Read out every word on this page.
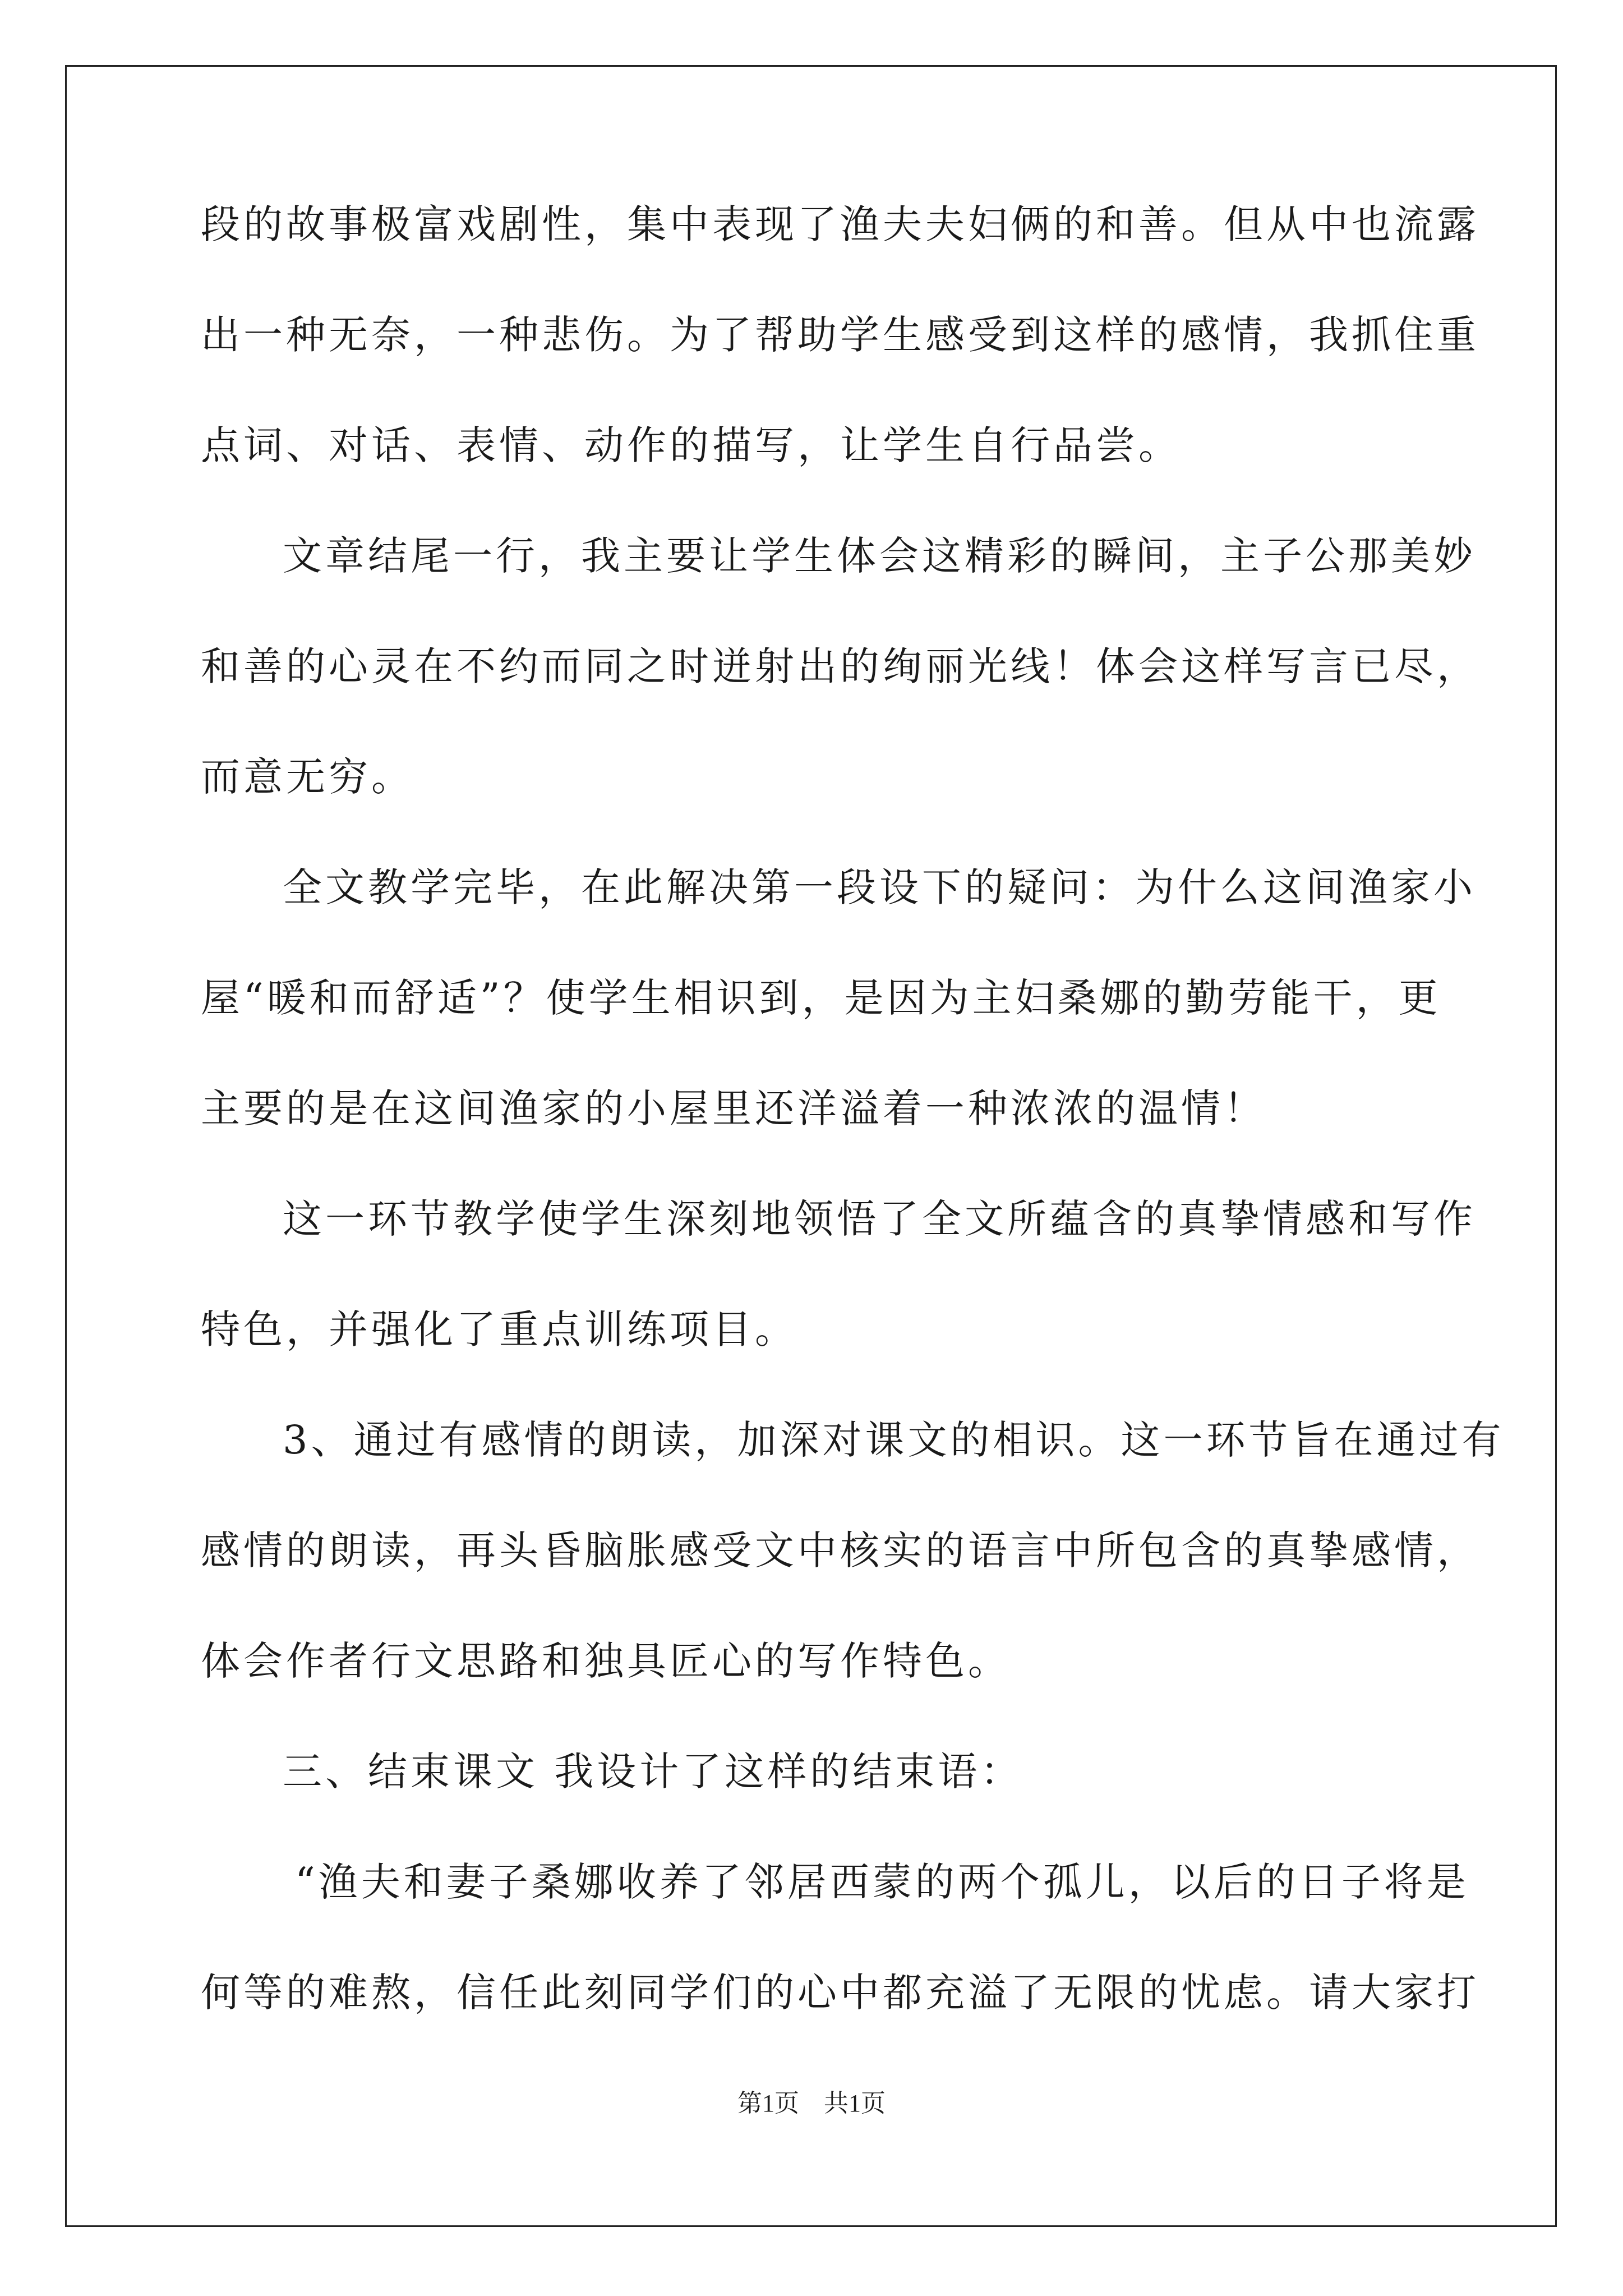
段的故事极富戏剧性，集中表现了渔夫夫妇俩的和善。但从中也流露
出一种无奈，一种悲伤。为了帮助学生感受到这样的感情，我抓住重
点词、对话、表情、动作的描写，让学生自行品尝。
文章结尾一行，我主要让学生体会这精彩的瞬间，主子公那美妙
和善的心灵在不约而同之时迸射出的绚丽光线！体会这样写言已尽，
而意无穷。
全文教学完毕，在此解决第一段设下的疑问：为什么这间渔家小
屋“暖和而舒适”？使学生相识到，是因为主妇桑娜的勤劳能干，更
主要的是在这间渔家的小屋里还洋溢着一种浓浓的温情！
这一环节教学使学生深刻地领悟了全文所蕴含的真挚情感和写作
特色，并强化了重点训练项目。
3、通过有感情的朗读，加深对课文的相识。这一环节旨在通过有
感情的朗读，再头昏脑胀感受文中核实的语言中所包含的真挚感情，
体会作者行文思路和独具匠心的写作特色。
三、结束课文 我设计了这样的结束语：
“渔夫和妻子桑娜收养了邻居西蒙的两个孤儿，以后的日子将是
何等的难熬，信任此刻同学们的心中都充溢了无限的忧虑。请大家打
第1页　共1页
